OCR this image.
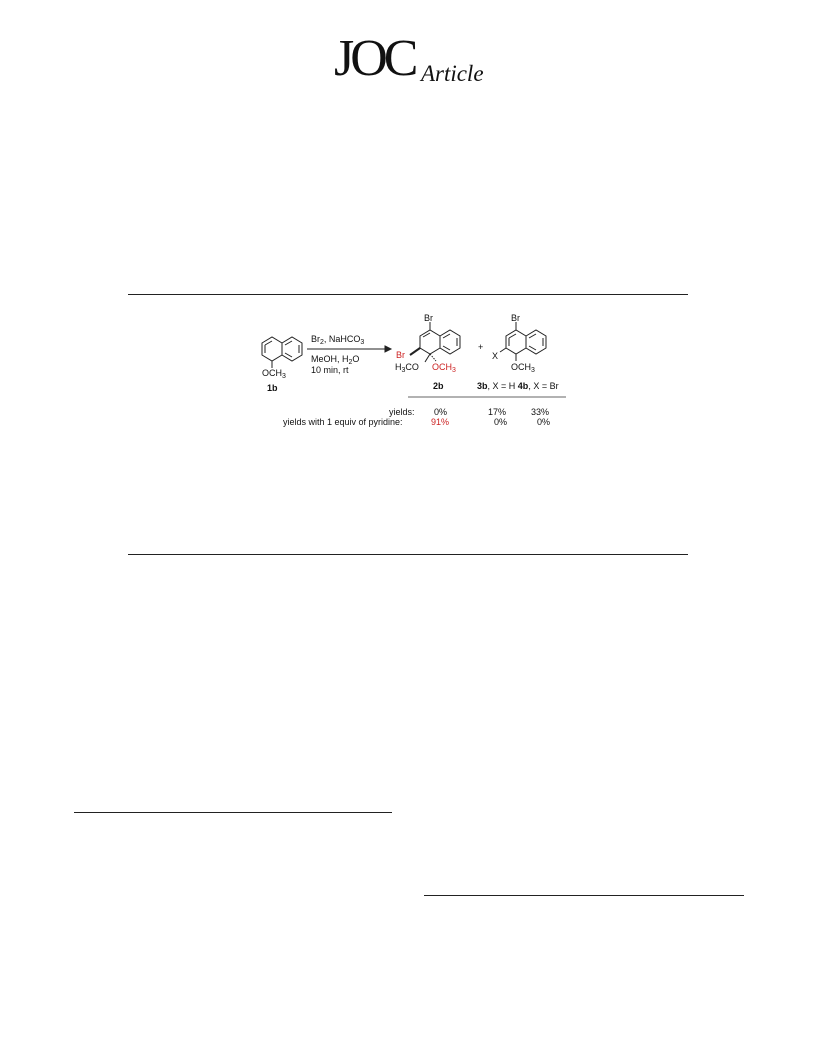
JOC Article
$Br_2$, NaHCO$_3$
MeOH, $H_2O$
10 min, rt
$OCH_3$
1b
Br
Br
$H_3CO$ $OCH_3$
2b
+
Br
X
$OCH_3$
3b, X = H 4b, X = Br
yields: 0%	17%	33%
yields with 1 equiv of pyridine:	91%	0%	0%
